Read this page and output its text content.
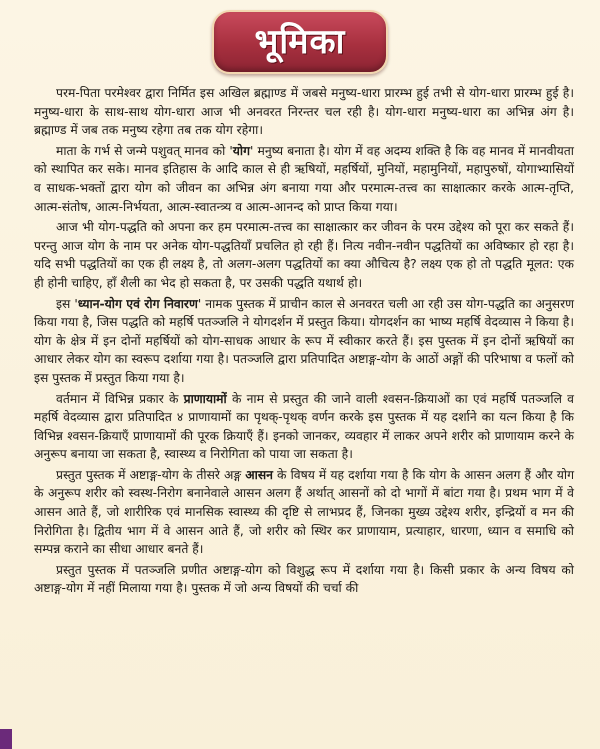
भूमिका

परम-पिता परमेश्वर द्वारा निर्मित इस अखिल ब्रह्माण्ड में जबसे मनुष्य-धारा प्रारम्भ हुई तभी से योग-धारा प्रारम्भ हुई है। मनुष्य-धारा के साथ-साथ योग-धारा आज भी अनवरत निरन्तर चल रही है। योग-धारा मनुष्य-धारा का अभिन्न अंग है। ब्रह्माण्ड में जब तक मनुष्य रहेगा तब तक योग रहेगा।

माता के गर्भ से जन्मे पशुवत् मानव को 'योग' मनुष्य बनाता है। योग में वह अदम्य शक्ति है कि वह मानव में मानवीयता को स्थापित कर सके। मानव इतिहास के आदि काल से ही ऋषियों, महर्षियों, मुनियों, महामुनियों, महापुरुषों, योगाभ्यासियों व साधक-भक्तों द्वारा योग को जीवन का अभिन्न अंग बनाया गया और परमात्म-तत्त्व का साक्षात्कार करके आत्म-तृप्ति, आत्म-संतोष, आत्म-निर्भयता, आत्म-स्वातन्त्र्य व आत्म-आनन्द को प्राप्त किया गया।

आज भी योग-पद्धति को अपना कर हम परमात्म-तत्त्व का साक्षात्कार कर जीवन के परम उद्देश्य को पूरा कर सकते हैं। परन्तु आज योग के नाम पर अनेक योग-पद्धतियाँ प्रचलित हो रही हैं। नित्य नवीन-नवीन पद्धतियों का अविष्कार हो रहा है। यदि सभी पद्धतियों का एक ही लक्ष्य है, तो अलग-अलग पद्धतियों का क्या औचित्य है? लक्ष्य एक हो तो पद्धति मूलत: एक ही होनी चाहिए, हाँ शैली का भेद हो सकता है, पर उसकी पद्धति यथार्थ हो।

इस 'ध्यान-योग एवं रोग निवारण' नामक पुस्तक में प्राचीन काल से अनवरत चली आ रही उस योग-पद्धति का अनुसरण किया गया है, जिस पद्धति को महर्षि पतञ्जलि ने योगदर्शन में प्रस्तुत किया। योगदर्शन का भाष्य महर्षि वेदव्यास ने किया है। योग के क्षेत्र में इन दोनों महर्षियों को योग-साधक आधार के रूप में स्वीकार करते हैं। इस पुस्तक में इन दोनों ऋषियों का आधार लेकर योग का स्वरूप दर्शाया गया है। पतञ्जलि द्वारा प्रतिपादित अष्टाङ्ग-योग के आठों अङ्गों की परिभाषा व फलों को इस पुस्तक में प्रस्तुत किया गया है।

वर्तमान में विभिन्न प्रकार के प्राणायामों के नाम से प्रस्तुत की जाने वाली श्वसन-क्रियाओं का एवं महर्षि पतञ्जलि व महर्षि वेदव्यास द्वारा प्रतिपादित ४ प्राणायामों का पृथक्-पृथक् वर्णन करके इस पुस्तक में यह दर्शाने का यत्न किया है कि विभिन्न श्वसन-क्रियाएँ प्राणायामों की पूरक क्रियाएँ हैं। इनको जानकर, व्यवहार में लाकर अपने शरीर को प्राणायाम करने के अनुरूप बनाया जा सकता है, स्वास्थ्य व निरोगिता को पाया जा सकता है।

प्रस्तुत पुस्तक में अष्टाङ्ग-योग के तीसरे अङ्ग आसन के विषय में यह दर्शाया गया है कि योग के आसन अलग हैं और योग के अनुरूप शरीर को स्वस्थ-निरोग बनानेवाले आसन अलग हैं अर्थात् आसनों को दो भागों में बांटा गया है। प्रथम भाग में वे आसन आते हैं, जो शारीरिक एवं मानसिक स्वास्थ्य की दृष्टि से लाभप्रद हैं, जिनका मुख्य उद्देश्य शरीर, इन्द्रियों व मन की निरोगिता है। द्वितीय भाग में वे आसन आते हैं, जो शरीर को स्थिर कर प्राणायाम, प्रत्याहार, धारणा, ध्यान व समाधि को सम्पन्न कराने का सीधा आधार बनते हैं।

प्रस्तुत पुस्तक में पतञ्जलि प्रणीत अष्टाङ्ग-योग को विशुद्ध रूप में दर्शाया गया है। किसी प्रकार के अन्य विषय को अष्टाङ्ग-योग में नहीं मिलाया गया है। पुस्तक में जो अन्य विषयों की चर्चा की
